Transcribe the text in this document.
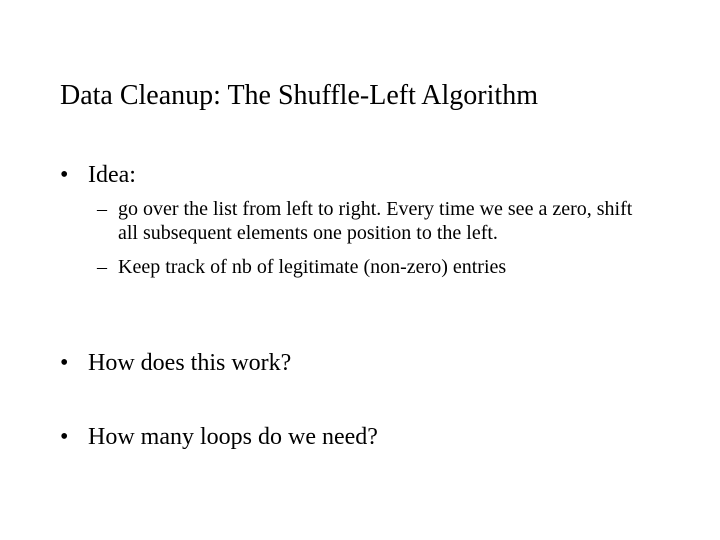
Data Cleanup: The Shuffle-Left Algorithm
• Idea:
– go over the list from left to right. Every time we see a zero, shift all subsequent elements one position to the left.
– Keep track of nb of legitimate (non-zero) entries
• How does this work?
• How many loops do we need?
